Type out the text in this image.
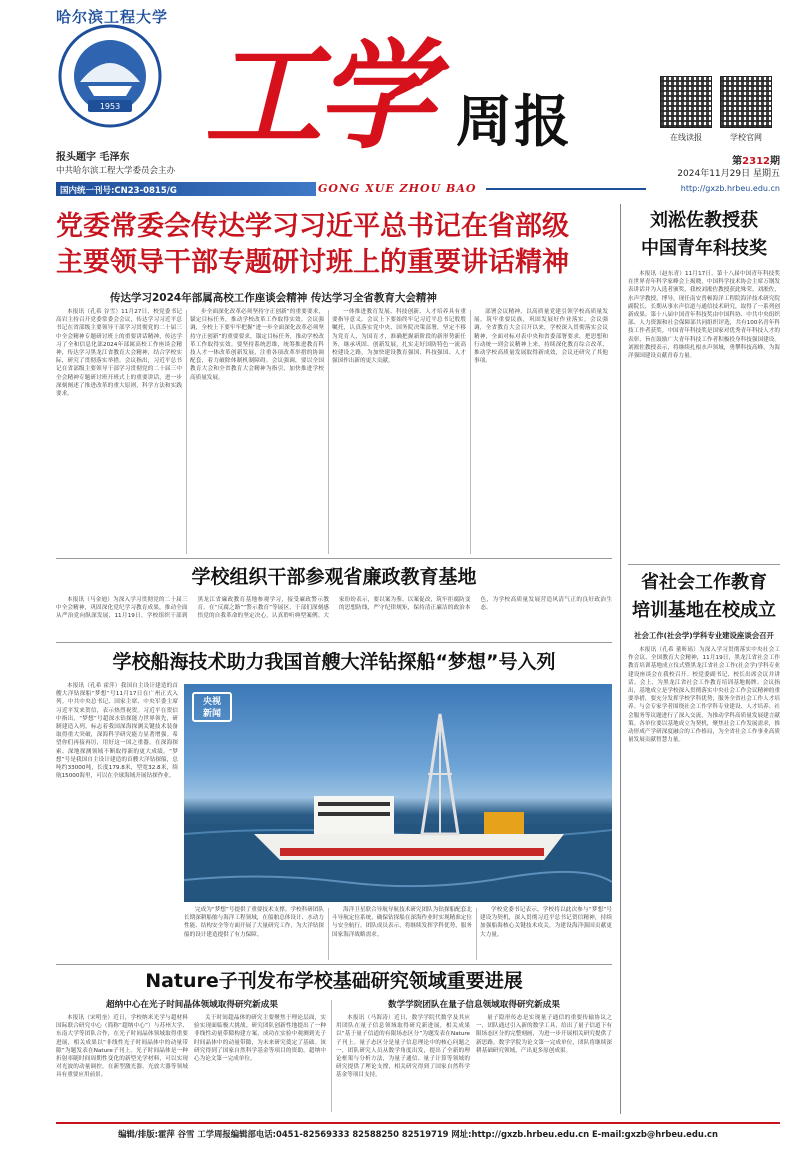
1953
哈尔滨工程大学
工学 周报	在线读报	学校官网
报头题字 毛泽东
中共哈尔滨工程大学委员会主办
第2312期
2024年11月29日 星期五
国内统一刊号:CN23-0815/G	GONG XUE ZHOU BAO	http://gxzb.hrbeu.edu.cn
党委常委会传达学习习近平总书记在省部级
主要领导干部专题研讨班上的重要讲话精神
传达学习2024年部属高校工作座谈会精神 传达学习全省教育大会精神

本报讯（孔希 谷雪）11月27日，校党委书记高岩主持召开党委常委会会议，传达学习习近平总书记在省部级主要领导干部学习贯彻党的二十届三中全会精神专题研讨班上的重要讲话精神，传达学习了全和信息化部2024年部属高校工作座谈会精神，传达学习黑龙江省教育大会精神，结合学校实际，研究了贯彻落实举措。会议指出，习近平总书记在省部级主要领导干部学习贯彻党的二十届三中全会精神专题研讨班开班式上的重要讲话，进一步深刻阐述了推进改革的重大原则，科学方法和实践要求。

步全面深化改革必须坚持守正创新”的重要要求，锚定目标任务，推动学校改革工作取得实效。会议强调，全校上下要牢牢把握“进一步全面深化改革必须坚持守正创新”的重要要求，锚定目标任务，推动学校改革工作取得实效。要坚持系统思维，统筹推进教育科技人才一体改革创新发展，注重各项改革举措的协调配套，着力破除体制机制障碍。会议强调，要以全国教育大会和全省教育大会精神为指引，加快推进学校高质量发展。

一体推进教育发展、科技创新、人才培养具有重要指导意义。会议上下要始终牢记习近平总书记殷殷嘱托，认真落实党中央、国务院决策部署，坚定不移为党育人、为国育才，准确把握新阶段的新形势新任务，继承巩固、创新发展，扎实走好国防特色一流高校建设之路，为加快建设教育强国、科技强国、人才强国作出新的更大贡献。

部署会议精神，以高质量党建引领学校高质量发展，筑牢重要民族，巩固发展好作业落实。会议强调，全省教育大会召开以来，学校深入贯彻落实会议精神，全面对标对表中央和省委部署要求，把思想和行动统一到会议精神上来，持续深化教育综合改革，推动学校高质量发展取得新成效，会议还研究了其他事项。

刘淞佐教授获
中国青年科技奖

本报讯（赵东青）11月17日，第十八届中国青年科技奖在世界青年科学家峰会上揭晓，中国科学技术协会主席万钢发表讲话并为入选者颁奖，我校刘淞佐教授获此殊荣。刘淞佐，水声学教授，博导，现任南安普顿海洋工程院海洋技术研究院副院长，长期从事水声信道与通信技术研究，取得了一系列创新成果。第十八届中国青年科技奖由中国科协、中共中央组织部、人力资源和社会保障部共同组织评选，共有100名青年科技工作者获奖。中国青年科技奖是国家对优秀青年科技人才的表彰，旨在鼓励广大青年科技工作者积极投身科技强国建设。刘淞佐教授表示，将继续扎根水声领域，勇攀科技高峰，为海洋强国建设贡献青春力量。

省社会工作教育
培训基地在校成立
社会工作(社会学)学科专业建设座谈会召开

本报讯（孔希 董昕瑶）为深入学习贯彻落实中央社会工作会议、全国教育大会精神，11月19日，黑龙江省社会工作教育培训基地成立仪式暨黑龙江省社会工作(社会学)学科专业建设座谈会在我校召开。校党委副书记、校长出席会议并讲话。会上，为黑龙江省社会工作教育培训基地揭牌。会议指出，基地成立是学校深入贯彻落实中央社会工作会议精神的重要举措，要充分发挥学校学科优势，服务全省社会工作人才培养。与会专家学者围绕社会工作学科专业建设、人才培养、社会服务等议题进行了深入交流，为推动学科高质量发展建言献策。各单位要以基地成立为契机，聚焦社会工作发展需求，推动形成产学研深度融合的工作格局，为全省社会工作事业高质量发展贡献智慧力量。

学校组织干部参观省廉政教育基地

本报讯（马金迪）为深入学习贯彻党的二十届三中全会精神，巩固深化党纪学习教育成果，推动全面从严治党向纵深发展，11月19日，学校组织干部到黑龙江省廉政教育基地参观学习，接受廉政警示教育。在“反腐之路”“警示教育”等展区，干部们深刻感悟党的自我革命的坚定决心，认真聆听典型案例。大家纷纷表示，要以案为鉴、以案促改，筑牢拒腐防变的思想防线，严守纪律规矩，保持清正廉洁的政治本色，为学校高质量发展营造风清气正的良好政治生态。

学校船海技术助力我国首艘大洋钻探船“梦想”号入列

本报讯（孔希 霍萍）我国自主设计建造的首艘大洋钻探船“梦想”号11月17日在广州正式入列。中共中央总书记、国家主席、中央军委主席习近平发来贺信，表示热烈祝贺。习近平在贺信中指出，“梦想”号超深水钻探能力世界领先，研制建造入列，标志着我国深海探测关键技术装备取得重大突破，深海科学研究能力显著增强。希望你们再接再厉，用好这一国之重器，在深海探索、深地探测领域不断取得新的更大成绩。“梦想”号是我国自主设计建造的首艘大洋钻探船，总吨约33000吨，长度179.8米，型宽32.8米，续航15000海里，可以在全球海域开展钻探作业。

央视
新闻

完成为“梦想”号提供了重要技术支撑。学校科研团队长期深耕船舶与海洋工程领域，在船舶总体设计、水动力性能、结构安全等方面开展了大量研究工作，为大洋钻探船的设计建造提供了有力保障。

海洋卫星联合导航导航技术研究团队为钻探船配套北斗导航定位系统，确保钻探船在深海作业时实现精准定位与安全航行。团队成员表示，将继续发挥学科优势，服务国家海洋战略需求。

学校党委书记表示，学校将以此次参与“梦想”号建设为契机，深入贯彻习近平总书记贺信精神，持续加强船海核心关键技术攻关，为建设海洋强国贡献更大力量。

Nature子刊发布学校基础研究领域重要进展
超纳中心在光子时间晶体领域取得研究新成果	数学学院团队在量子信息领域取得研究新成果

本报讯（宋明奎）近日，学校纳米光学与超材料国际联合研究中心（简称“超纳中心”）与苏州大学、东南大学等团队合作，在光子时间晶体领域取得重要进展，相关成果以“非线性光子时间晶体中的动量带隙”为题发表在Nature子刊上。光子时间晶体是一种折射率随时间周期性变化的新型光学材料，可以实现对光波的动量调控，在新型激光器、光放大器等领域具有重要应用前景。

关于时间超晶体的研究主要聚焦于理论层面，实验实现面临极大挑战。研究团队创新性地提出了一种非线性动量带隙构建方案，成功在实验中观测到光子时间晶体中的动量带隙，为未来研究奠定了基础。该研究得到了国家自然科学基金等项目的资助。超纳中心为论文第一完成单位。

本报讯（马海涛）近日，数学学院代数学及其应用团队在量子信息领域取得研究新进展，相关成果以“基于量子信道的有限场态区分”为题发表在Nature子刊上。量子态区分是量子信息理论中的核心问题之一，团队研究人员从数学角度出发，提出了全新的理论框架与分析方法，为量子通信、量子计算等领域的研究提供了理论支撑，相关研究得到了国家自然科学基金等项目支持。

量子隐形传态是实现量子通信的重要传输协议之一，团队通过引入新的数学工具，给出了量子信道下有限场态区分的完整刻画，为进一步开展相关研究提供了新思路。数学学院为论文第一完成单位，团队将继续深耕基础研究领域，产出更多原创成果。

编辑/排版:霍萍 谷雪 工学周报编辑部电话:0451-82569333 82588250 82519719 网址:http://gxzb.hrbeu.edu.cn E-mail:gxzb@hrbeu.edu.cn
